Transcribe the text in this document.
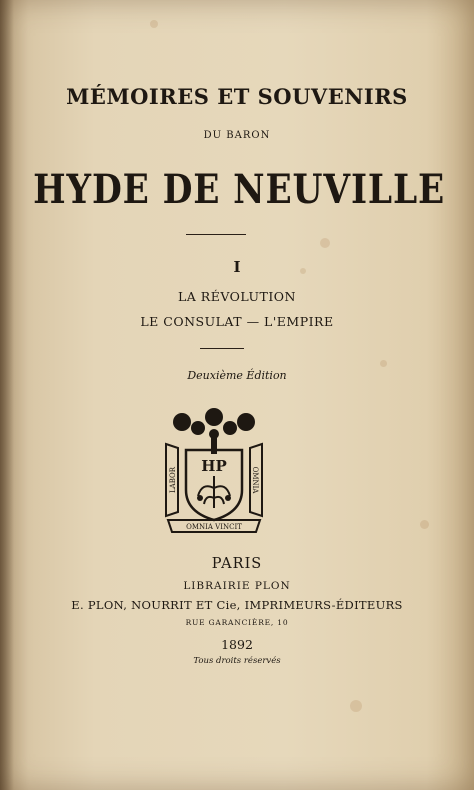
MÉMOIRES ET SOUVENIRS
DU BARON
HYDE DE NEUVILLE
I
LA RÉVOLUTION
LE CONSULAT — L'EMPIRE
Deuxième Édition
HP
LABOR	OMNIA
OMNIA VINCIT
PARIS
LIBRAIRIE PLON
E. PLON, NOURRIT ET Cie, IMPRIMEURS-ÉDITEURS
RUE GARANCIÈRE, 10
1892
Tous droits réservés
